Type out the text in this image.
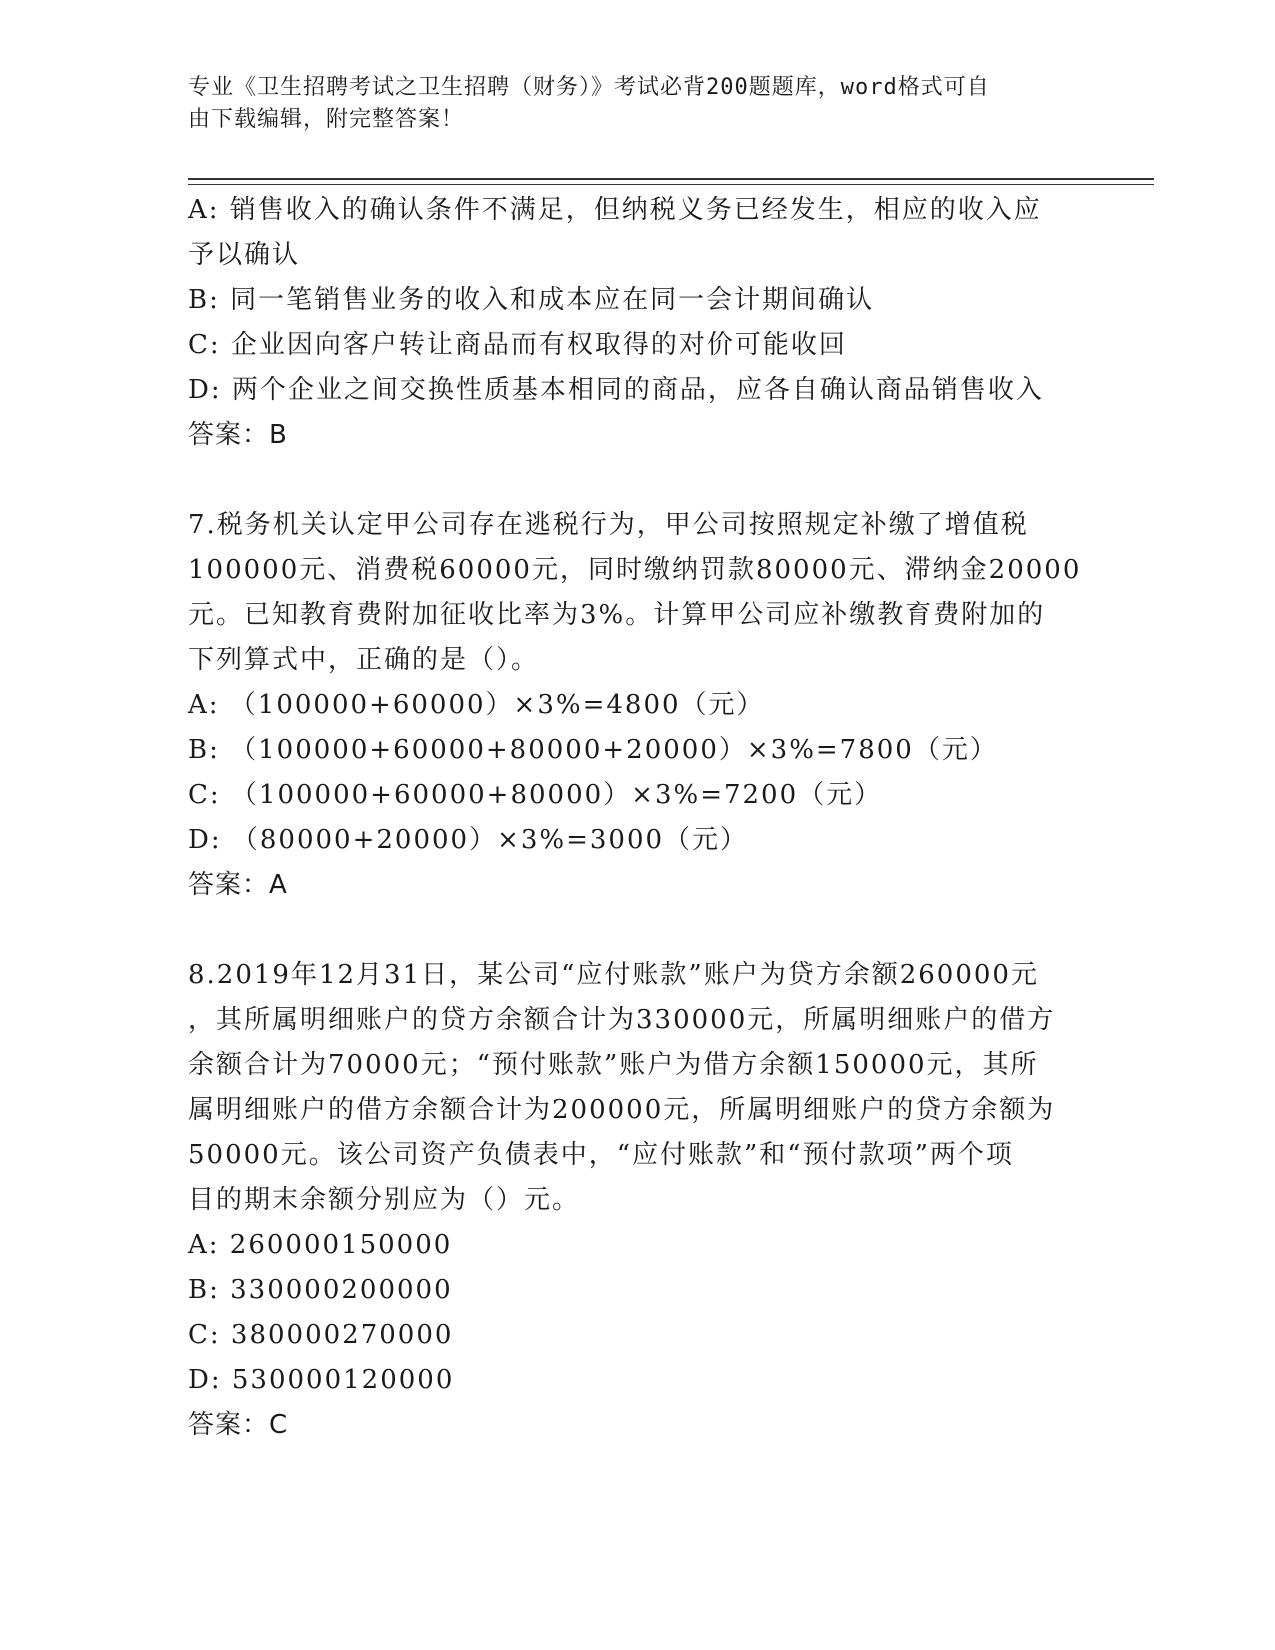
专业《卫生招聘考试之卫生招聘（财务）》考试必背200题题库，word格式可自
由下载编辑，附完整答案！
A: 销售收入的确认条件不满足，但纳税义务已经发生，相应的收入应
予以确认
B: 同一笔销售业务的收入和成本应在同一会计期间确认
C: 企业因向客户转让商品而有权取得的对价可能收回
D: 两个企业之间交换性质基本相同的商品，应各自确认商品销售收入
答案：B
7.税务机关认定甲公司存在逃税行为，甲公司按照规定补缴了增值税
100000元、消费税60000元，同时缴纳罚款80000元、滞纳金20000
元。已知教育费附加征收比率为3%。计算甲公司应补缴教育费附加的
下列算式中，正确的是（）。
A: （100000+60000）×3%=4800（元）
B: （100000+60000+80000+20000）×3%=7800（元）
C: （100000+60000+80000）×3%=7200（元）
D: （80000+20000）×3%=3000（元）
答案：A
8.2019年12月31日，某公司“应付账款”账户为贷方余额260000元
，其所属明细账户的贷方余额合计为330000元，所属明细账户的借方
余额合计为70000元；“预付账款”账户为借方余额150000元，其所
属明细账户的借方余额合计为200000元，所属明细账户的贷方余额为
50000元。该公司资产负债表中，“应付账款”和“预付款项”两个项
目的期末余额分别应为（）元。
A: 260000150000
B: 330000200000
C: 380000270000
D: 530000120000
答案：C
